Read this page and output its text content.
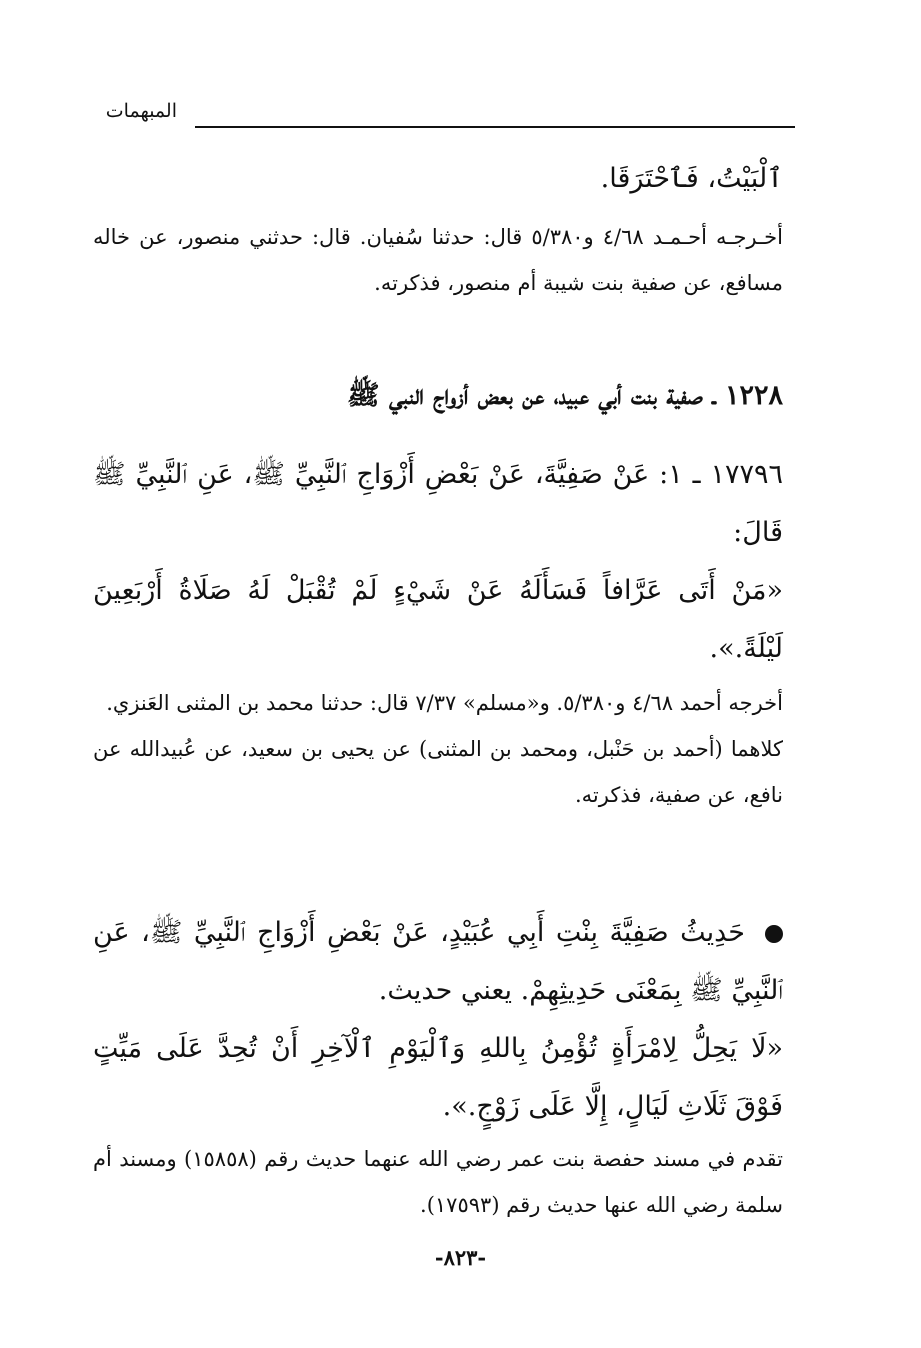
المبهمات

ٱلْبَيْتُ، فَٱحْتَرَقَا.

أخـرجـه أحـمـد ٤/٦٨ و٥/٣٨٠ قال: حدثنا سُفيان. قال: حدثني منصور، عن خاله مسافع، عن صفية بنت شيبة أم منصور، فذكرته.

١٢٢٨ ـ صفية بنت أبي عبيد، عن بعض أزواج النبي ﷺ

١٧٧٩٦ ـ ١: عَنْ صَفِيَّةَ، عَنْ بَعْضِ أَزْوَاجِ ٱلنَّبِيِّ ﷺ، عَنِ ٱلنَّبِيِّ ﷺ قَالَ:

«مَنْ أَتَى عَرَّافاً فَسَأَلَهُ عَنْ شَيْءٍ لَمْ تُقْبَلْ لَهُ صَلَاةُ أَرْبَعِينَ لَيْلَةً.».

أخرجه أحمد ٤/٦٨ و٥/٣٨٠. و«مسلم» ٧/٣٧ قال: حدثنا محمد بن المثنى العَنزي.

كلاهما (أحمد بن حَنْبل، ومحمد بن المثنى) عن يحيى بن سعيد، عن عُبيدالله عن نافع، عن صفية، فذكرته.

حَدِيثُ صَفِيَّةَ بِنْتِ أَبِي عُبَيْدٍ، عَنْ بَعْضِ أَزْوَاجِ ٱلنَّبِيِّ ﷺ، عَنِ ٱلنَّبِيِّ ﷺ بِمَعْنَى حَدِيثِهِمْ. يعني حديث.

«لَا يَحِلُّ لِامْرَأَةٍ تُؤْمِنُ بِاللهِ وَٱلْيَوْمِ ٱلْآخِرِ أَنْ تُحِدَّ عَلَى مَيِّتٍ فَوْقَ ثَلَاثِ لَيَالٍ، إِلَّا عَلَى زَوْجٍ.».

تقدم في مسند حفصة بنت عمر رضي الله عنهما حديث رقم (١٥٨٥٨) ومسند أم سلمة رضي الله عنها حديث رقم (١٧٥٩٣).

-٨٢٣-
